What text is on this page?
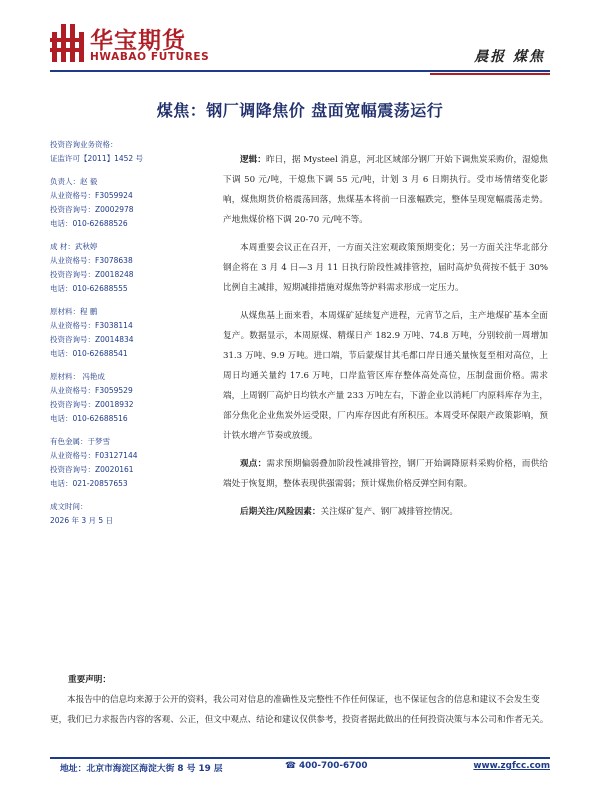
华宝期货
HWABAO FUTURES	晨报 煤焦
煤焦：钢厂调降焦价 盘面宽幅震荡运行
投资咨询业务资格：
证监许可【2011】1452 号
负责人：赵 毅
从业资格号：F3059924
投资咨询号：Z0002978
电话：010-62688526
成 材：武秋婷
从业资格号：F3078638
投资咨询号：Z0018248
电话：010-62688555
原材料：程 鹏
从业资格号：F3038114
投资咨询号：Z0014834
电话：010-62688541
原材料： 冯艳成
从业资格号：F3059529
投资咨询号：Z0018932
电话：010-62688516
有色金属：于梦雪
从业资格号：F03127144
投资咨询号：Z0020161
电话：021-20857653
成文时间：
2026 年 3 月 5 日

逻辑：昨日，据 Mysteel 消息，河北区域部分钢厂开始下调焦炭采购价，湿熄焦下调 50 元/吨，干熄焦下调 55 元/吨，计划 3 月 6 日期执行。受市场情绪变化影响，煤焦期货价格震荡回落，焦煤基本将前一日涨幅跌完，整体呈现宽幅震荡走势。产地焦煤价格下调 20-70 元/吨不等。

本周重要会议正在召开，一方面关注宏观政策预期变化；另一方面关注华北部分钢企将在 3 月 4 日—3 月 11 日执行阶段性减排管控，届时高炉负荷按不低于 30%比例自主减排，短期减排措施对煤焦等炉料需求形成一定压力。

从煤焦基上面来看，本周煤矿延续复产进程，元宵节之后，主产地煤矿基本全面复产。数据显示，本周原煤、精煤日产 182.9 万吨、74.8 万吨，分别较前一周增加 31.3 万吨、9.9 万吨。进口端，节后蒙煤甘其毛都口岸日通关量恢复至相对高位，上周日均通关量约 17.6 万吨，口岸监管区库存整体高处高位，压制盘面价格。需求端，上周钢厂高炉日均铁水产量 233 万吨左右，下游企业以消耗厂内原料库存为主，部分焦化企业焦炭外运受限，厂内库存因此有所积压。本周受环保限产政策影响，预计铁水增产节奏或放缓。

观点：需求预期偏弱叠加阶段性减排管控，钢厂开始调降原料采购价格，而供给端处于恢复期，整体表现供强需弱；预计煤焦价格反弹空间有限。

后期关注/风险因素：关注煤矿复产、钢厂减排管控情况。

重要声明：

本报告中的信息均来源于公开的资料，我公司对信息的准确性及完整性不作任何保证，也不保证包含的信息和建议不会发生变更，我们已力求报告内容的客观、公正，但文中观点、结论和建议仅供参考，投资者据此做出的任何投资决策与本公司和作者无关。

地址：北京市海淀区海淀大街 8 号 19 层	☎ 400-700-6700	www.zgfcc.com
